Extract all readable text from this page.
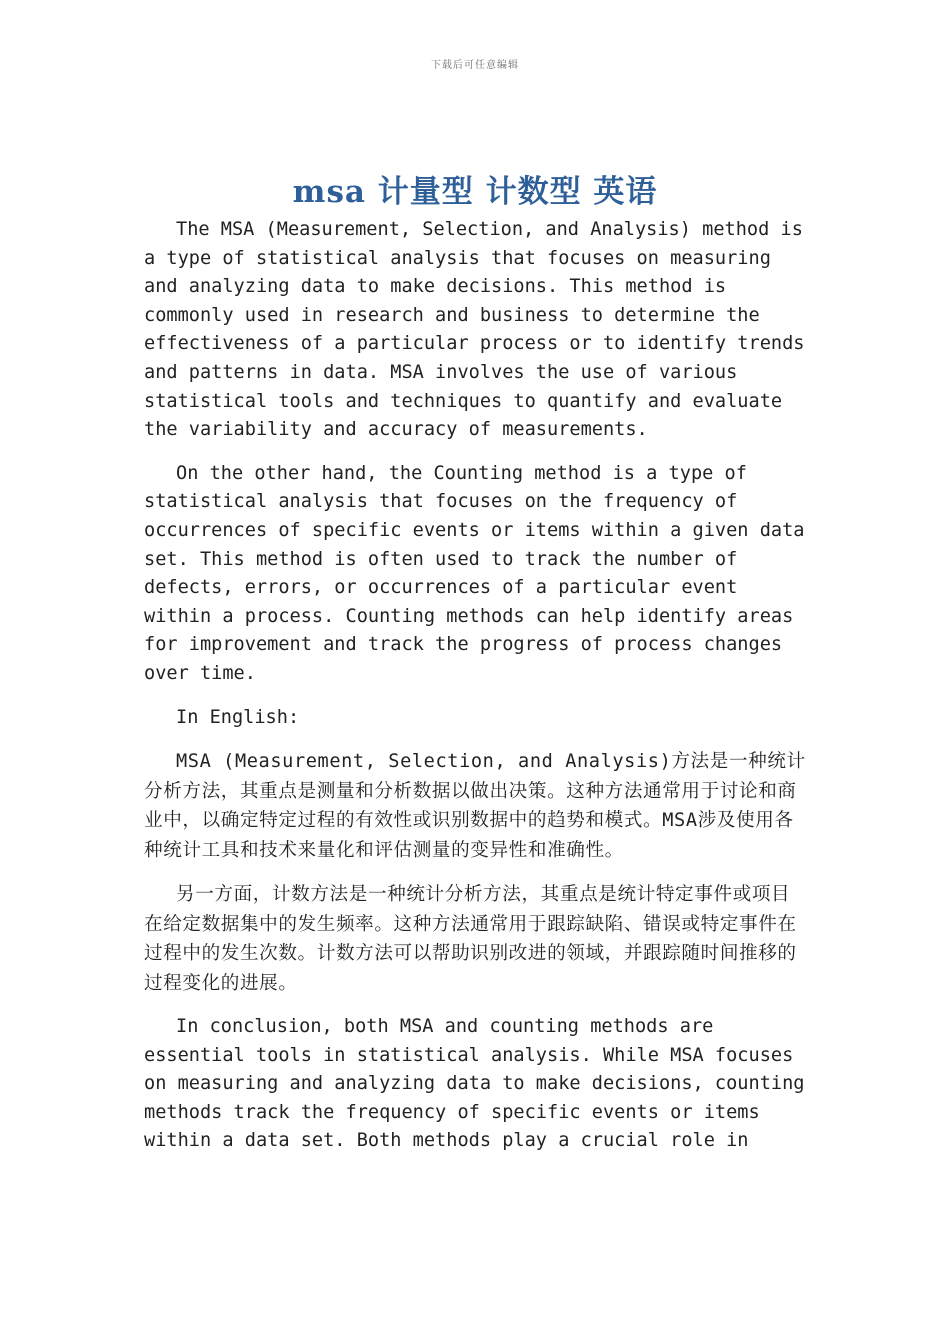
下载后可任意编辑
msa 计量型 计数型 英语

The MSA (Measurement, Selection, and Analysis) method is a type of statistical analysis that focuses on measuring and analyzing data to make decisions. This method is commonly used in research and business to determine the effectiveness of a particular process or to identify trends and patterns in data. MSA involves the use of various statistical tools and techniques to quantify and evaluate the variability and accuracy of measurements.

On the other hand, the Counting method is a type of statistical analysis that focuses on the frequency of occurrences of specific events or items within a given data set. This method is often used to track the number of defects, errors, or occurrences of a particular event within a process. Counting methods can help identify areas for improvement and track the progress of process changes over time.

In English:

MSA (Measurement, Selection, and Analysis)方法是一种统计分析方法，其重点是测量和分析数据以做出决策。这种方法通常用于讨论和商业中，以确定特定过程的有效性或识别数据中的趋势和模式。MSA涉及使用各种统计工具和技术来量化和评估测量的变异性和准确性。

另一方面，计数方法是一种统计分析方法，其重点是统计特定事件或项目在给定数据集中的发生频率。这种方法通常用于跟踪缺陷、错误或特定事件在过程中的发生次数。计数方法可以帮助识别改进的领域，并跟踪随时间推移的过程变化的进展。

In conclusion, both MSA and counting methods are essential tools in statistical analysis. While MSA focuses on measuring and analyzing data to make decisions, counting methods track the frequency of specific events or items within a data set. Both methods play a crucial role in
